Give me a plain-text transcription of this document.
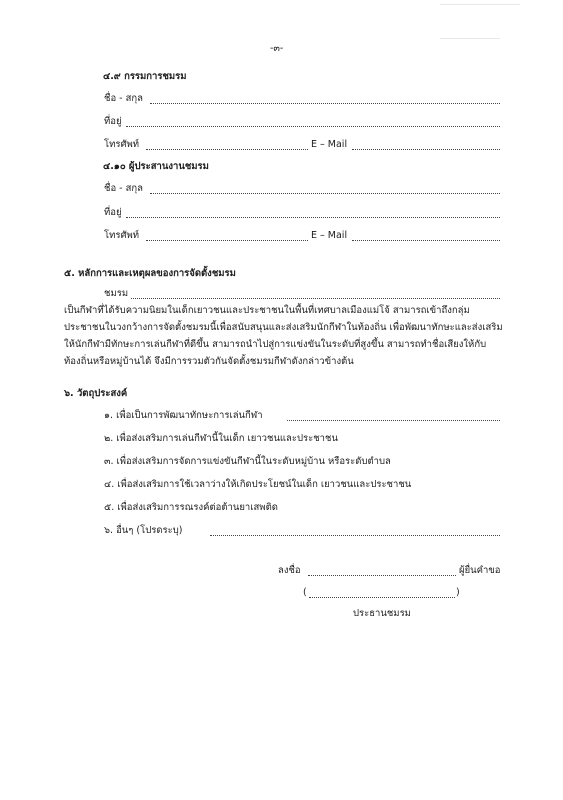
-๓-
๔.๙ กรรมการชมรม
ชื่อ - สกุล
ที่อยู่
โทรศัพท์	E – Mail
๔.๑๐ ผู้ประสานงานชมรม
ชื่อ - สกุล
ที่อยู่
โทรศัพท์	E – Mail
๕. หลักการและเหตุผลของการจัดตั้งชมรม
ชมรม
เป็นกีฬาที่ได้รับความนิยมในเด็กเยาวชนและประชาชนในพื้นที่เทศบาลเมืองแม่โจ้ สามารถเข้าถึงกลุ่ม
ประชาชนในวงกว้างการจัดตั้งชมรมนี้เพื่อสนับสนุนและส่งเสริมนักกีฬาในท้องถิ่น เพื่อพัฒนาทักษะและส่งเสริม
ให้นักกีฬามีทักษะการเล่นกีฬาที่ดีขึ้น สามารถนำไปสู่การแข่งขันในระดับที่สูงขึ้น สามารถทำชื่อเสียงให้กับ
ท้องถิ่นหรือหมู่บ้านได้ จึงมีการรวมตัวกันจัดตั้งชมรมกีฬาดังกล่าวข้างต้น
๖. วัตถุประสงค์
๑. เพื่อเป็นการพัฒนาทักษะการเล่นกีฬา
๒. เพื่อส่งเสริมการเล่นกีฬานี้ในเด็ก เยาวชนและประชาชน
๓. เพื่อส่งเสริมการจัดการแข่งขันกีฬานี้ในระดับหมู่บ้าน หรือระดับตำบล
๔. เพื่อส่งเสริมการใช้เวลาว่างให้เกิดประโยชน์ในเด็ก เยาวชนและประชาชน
๕. เพื่อส่งเสริมการรณรงค์ต่อต้านยาเสพติด
๖. อื่นๆ (โปรดระบุ)
ลงชื่อ	ผู้ยื่นคำขอ
(	)
ประธานชมรม
